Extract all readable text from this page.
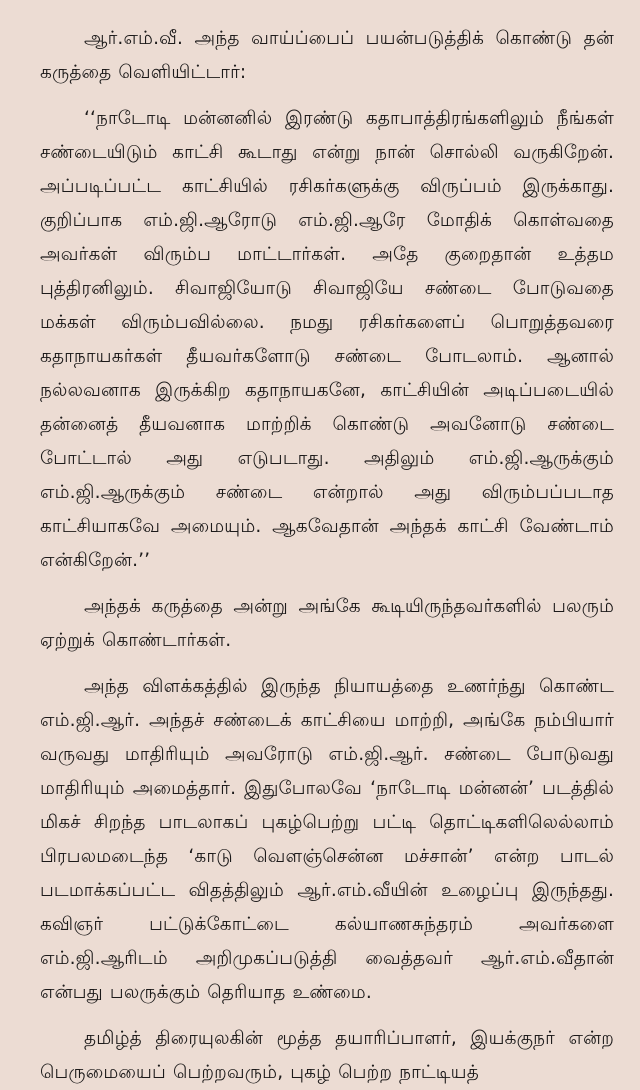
ஆர்.எம்.வீ. அந்த வாய்ப்பைப் பயன்படுத்திக் கொண்டு தன் கருத்தை வெளியிட்டார்:

‘‘நாடோடி மன்னனில் இரண்டு கதாபாத்திரங்களிலும் நீங்கள் சண்டையிடும் காட்சி கூடாது என்று நான் சொல்லி வருகிறேன். அப்படிப்பட்ட காட்சியில் ரசிகர்களுக்கு விருப்பம் இருக்காது. குறிப்பாக எம்.ஜி.ஆரோடு எம்.ஜி.ஆரே மோதிக் கொள்வதை அவர்கள் விரும்ப மாட்டார்கள். அதே குறைதான் உத்தம புத்திரனிலும். சிவாஜியோடு சிவாஜியே சண்டை போடுவதை மக்கள் விரும்பவில்லை. நமது ரசிகர்களைப் பொறுத்தவரை கதாநாயகர்கள் தீயவர்களோடு சண்டை போடலாம். ஆனால் நல்லவனாக இருக்கிற கதாநாயகனே, காட்சியின் அடிப்படையில் தன்னைத் தீயவனாக மாற்றிக் கொண்டு அவனோடு சண்டை போட்டால் அது எடுபடாது. அதிலும் எம்.ஜி.ஆருக்கும் எம்.ஜி.ஆருக்கும் சண்டை என்றால் அது விரும்பப்படாத காட்சியாகவே அமையும். ஆகவேதான் அந்தக் காட்சி வேண்டாம் என்கிறேன்.’’

அந்தக் கருத்தை அன்று அங்கே கூடியிருந்தவர்களில் பலரும் ஏற்றுக் கொண்டார்கள்.

அந்த விளக்கத்தில் இருந்த நியாயத்தை உணர்ந்து கொண்ட எம்.ஜி.ஆர். அந்தச் சண்டைக் காட்சியை மாற்றி, அங்கே நம்பியார் வருவது மாதிரியும் அவரோடு எம்.ஜி.ஆர். சண்டை போடுவது மாதிரியும் அமைத்தார். இதுபோலவே ‘நாடோடி மன்னன்’ படத்தில் மிகச் சிறந்த பாடலாகப் புகழ்பெற்று பட்டி தொட்டிகளிலெல்லாம் பிரபலமடைந்த ‘காடு வௌஞ்சென்ன மச்சான்’ என்ற பாடல் படமாக்கப்பட்ட விதத்திலும் ஆர்.எம்.வீயின் உழைப்பு இருந்தது. கவிஞர் பட்டுக்கோட்டை கல்யாணசுந்தரம் அவர்களை எம்.ஜி.ஆரிடம் அறிமுகப்படுத்தி வைத்தவர் ஆர்.எம்.வீதான் என்பது பலருக்கும் தெரியாத உண்மை.

தமிழ்த் திரையுலகின் மூத்த தயாரிப்பாளர், இயக்குநர் என்ற பெருமையைப் பெற்றவரும், புகழ் பெற்ற நாட்டியத்
